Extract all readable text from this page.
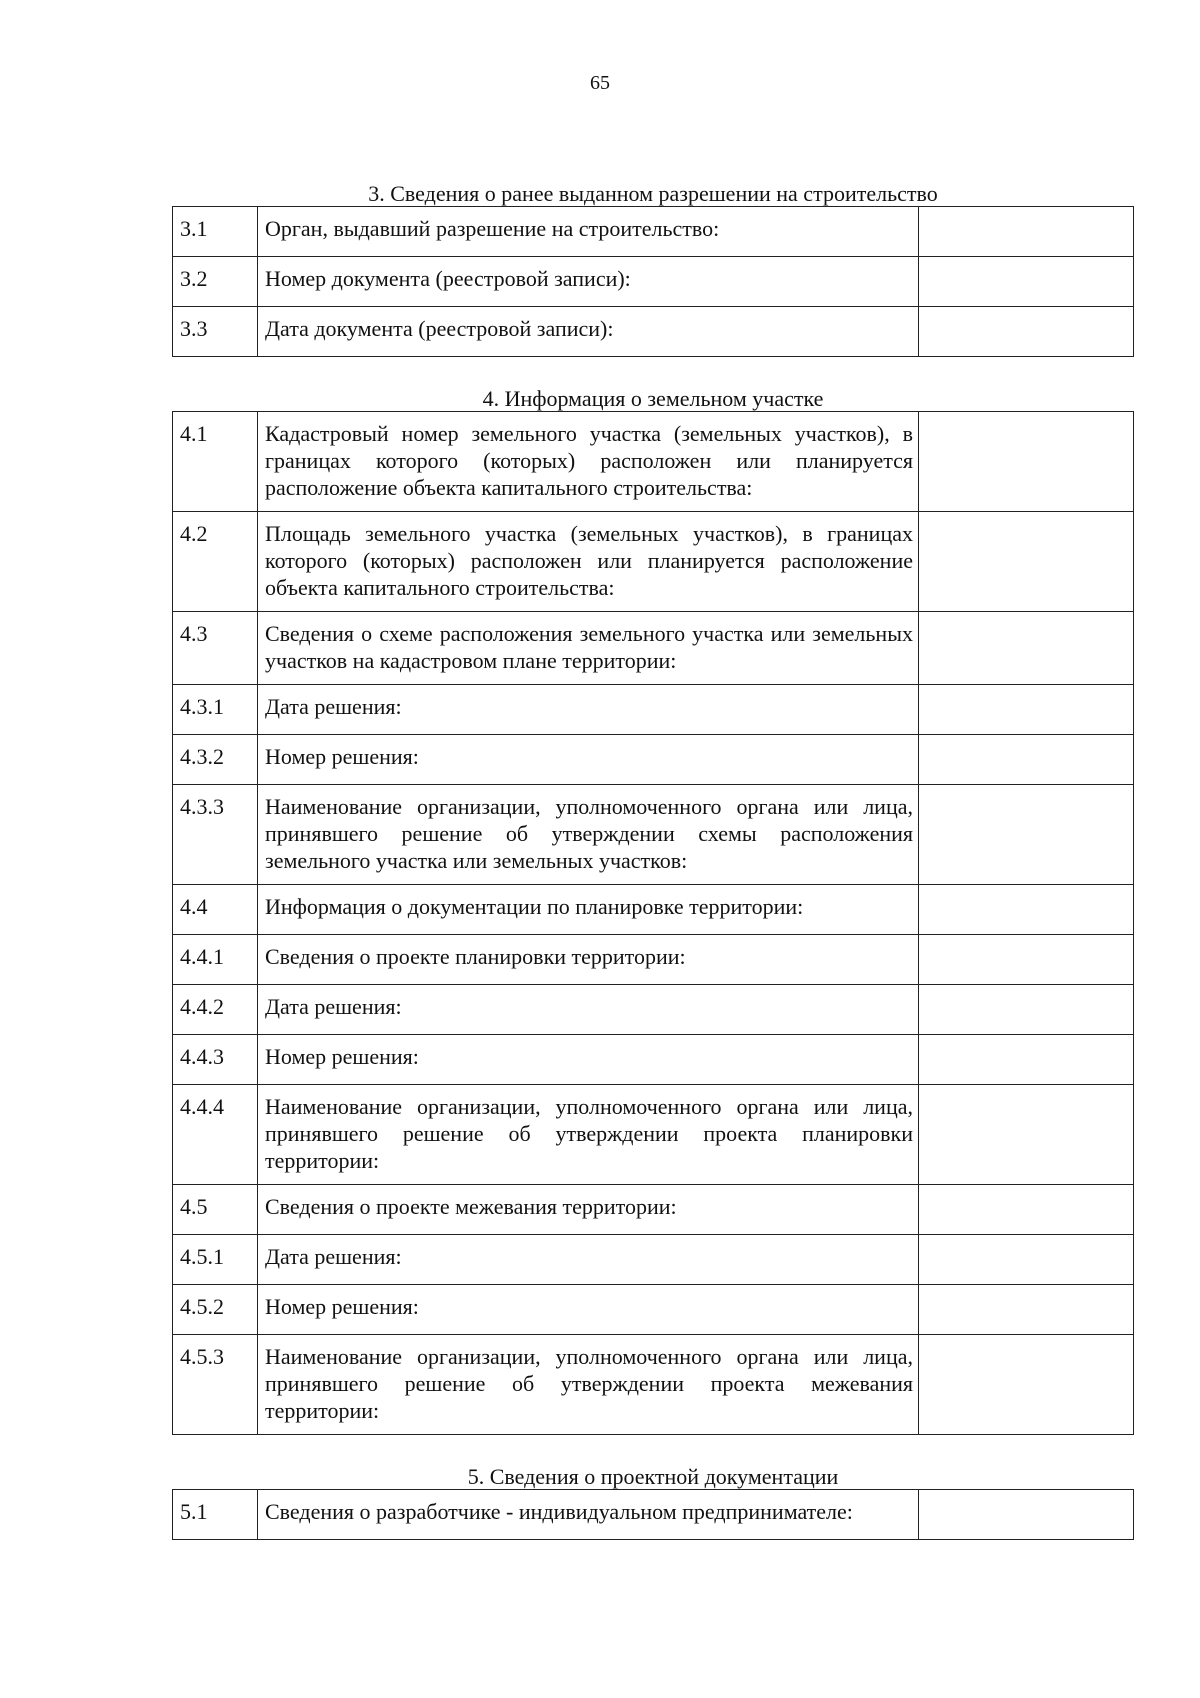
65
3. Сведения о ранее выданном разрешении на строительство
3.1	Орган, выдавший разрешение на строительство:	
3.2	Номер документа (реестровой записи):	
3.3	Дата документа (реестровой записи):	
4. Информация о земельном участке
4.1	Кадастровый номер земельного участка (земельных участков), в границах которого (которых) расположен или планируется расположение объекта капитального строительства:	
4.2	Площадь земельного участка (земельных участков), в границах которого (которых) расположен или планируется расположение объекта капитального строительства:	
4.3	Сведения о схеме расположения земельного участка или земельных участков на кадастровом плане территории:	
4.3.1	Дата решения:	
4.3.2	Номер решения:	
4.3.3	Наименование организации, уполномоченного органа или лица, принявшего решение об утверждении схемы расположения земельного участка или земельных участков:	
4.4	Информация о документации по планировке территории:	
4.4.1	Сведения о проекте планировки территории:	
4.4.2	Дата решения:	
4.4.3	Номер решения:	
4.4.4	Наименование организации, уполномоченного органа или лица, принявшего решение об утверждении проекта планировки территории:	
4.5	Сведения о проекте межевания территории:	
4.5.1	Дата решения:	
4.5.2	Номер решения:	
4.5.3	Наименование организации, уполномоченного органа или лица, принявшего решение об утверждении проекта межевания территории:	
5. Сведения о проектной документации
5.1	Сведения о разработчике - индивидуальном предпринимателе:	
